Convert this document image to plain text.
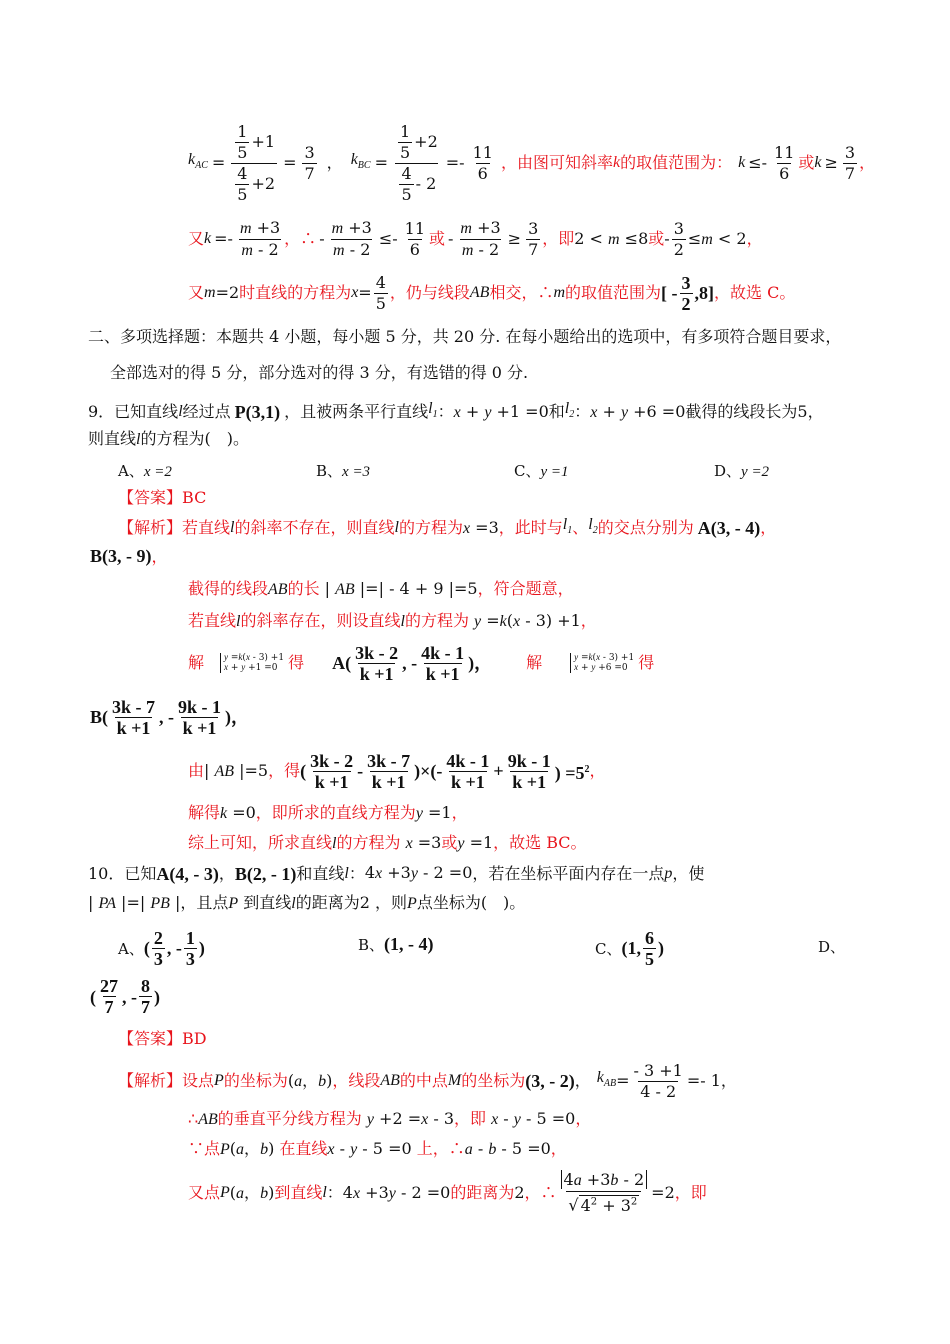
$k_{AC} = \frac{\frac{1}{5} +1}{\frac{4}{5} +2} = \frac{3}{7}$ ， $k_{BC} = \frac{\frac{1}{5} +2}{\frac{4}{5} - 2} =- \frac{11}{6}$ ， 由图可知斜率 k 的取值范围为： $k \le- \frac{11}{6}$ 或 $k \ge \frac{3}{7}$ ，
又 $k =- \frac{m +3}{m - 2}$ ，∴ - $\frac{m +3}{m - 2} \le- \frac{11}{6}$ 或 - $\frac{m +3}{m - 2} \ge \frac{3}{7}$ ，即 2 < m ≤8 或 - $\frac{3}{2} \le m < 2$ ，
又 m =2 时直线的方程为 $x = \frac{4}{5}$ ，仍与线段 AB 相交，∴ m 的取值范围为 [ - $\frac{3}{2} ,8$] ，故选 C。
二、多项选择题：本题共 4 小题，每小题 5 分，共 20 分. 在每小题给出的选项中，有多项符合题目要求，
全部选对的得 5 分，部分选对的得 3 分，有选错的得 0 分.
9．已知直线 l 经过点 P(3,1) ，且被两条平行直线 $l_1$ ： x + y +1 =0 和 $l_2$ ： x + y +6 =0 截得的线段长为 5，
则直线l的方程为(　)。
A、x =2	B、x =3	C、y =1	D、y =2
【答案】BC
【解析】 若直线 l 的斜率不存在，则直线 l 的方程为 x =3 ，此时与 $l_1$ 、 $l_2$ 的交点分别为 A(3, - 4) ，
B(3, - 9)，
截得的线段AB的长 | AB |=| - 4 + 9 |=5，符合题意，
若直线l的斜率存在，则设直线l的方程为 y =k(x - 3) +1，
解 y =k(x - 3) +1
x + y +1 =0 得 $A( \frac{3k - 2}{k +1}$ , - $\frac{4k - 1}{k +1}$ )， 解	y =k(x - 3) +1
x + y +6 =0 得
$B( \frac{3k - 7}{k +1}$ , - $\frac{9k - 1}{k +1}$ )，
由 | AB |=5 ，得 ( $\frac{3k - 2}{k +1} - \frac{3k - 7}{k +1}$ )×(- $\frac{4k - 1}{k +1} + \frac{9k - 1}{k +1}$ ) $=5^2$ ，
解得k =0，即所求的直线方程为y =1，
综上可知，所求直线l的方程为 x =3或y =1，故选 BC。
10．已知 A(4, - 3) ， B(2, - 1) 和直线 l ： 4x +3y - 2 =0 ，若在坐标平面内存在一点 p ，使
| PA |=| PB |，且点P 到直线l的距离为2 ，则P点坐标为(　)。
A、 ( $\frac{2}{3}$ , - $\frac{1}{3}$ )	B、 (1, - 4)	C、 (1, $\frac{6}{5}$ )	D、
( $\frac{27}{7}$ , - $\frac{8}{7}$ )
【答案】BD
【解析】 设点 P 的坐标为 (a，b) ，线段 AB 的中点 M 的坐标为 (3, - 2) ， $k_{AB} = \frac{- 3 +1}{4 - 2} =- 1$，
∴AB的垂直平分线方程为 y +2 =x - 3，即 x - y - 5 =0，
∵点P(a，b) 在直线x - y - 5 =0 上，∴a - b - 5 =0，
又点 P (a，b) 到直线 l ： 4x +3y - 2 =0 的距离为 2 ，∴ $\frac{4a +3b - 2}{√ 4^2 + 3^2} =2$ ，即
